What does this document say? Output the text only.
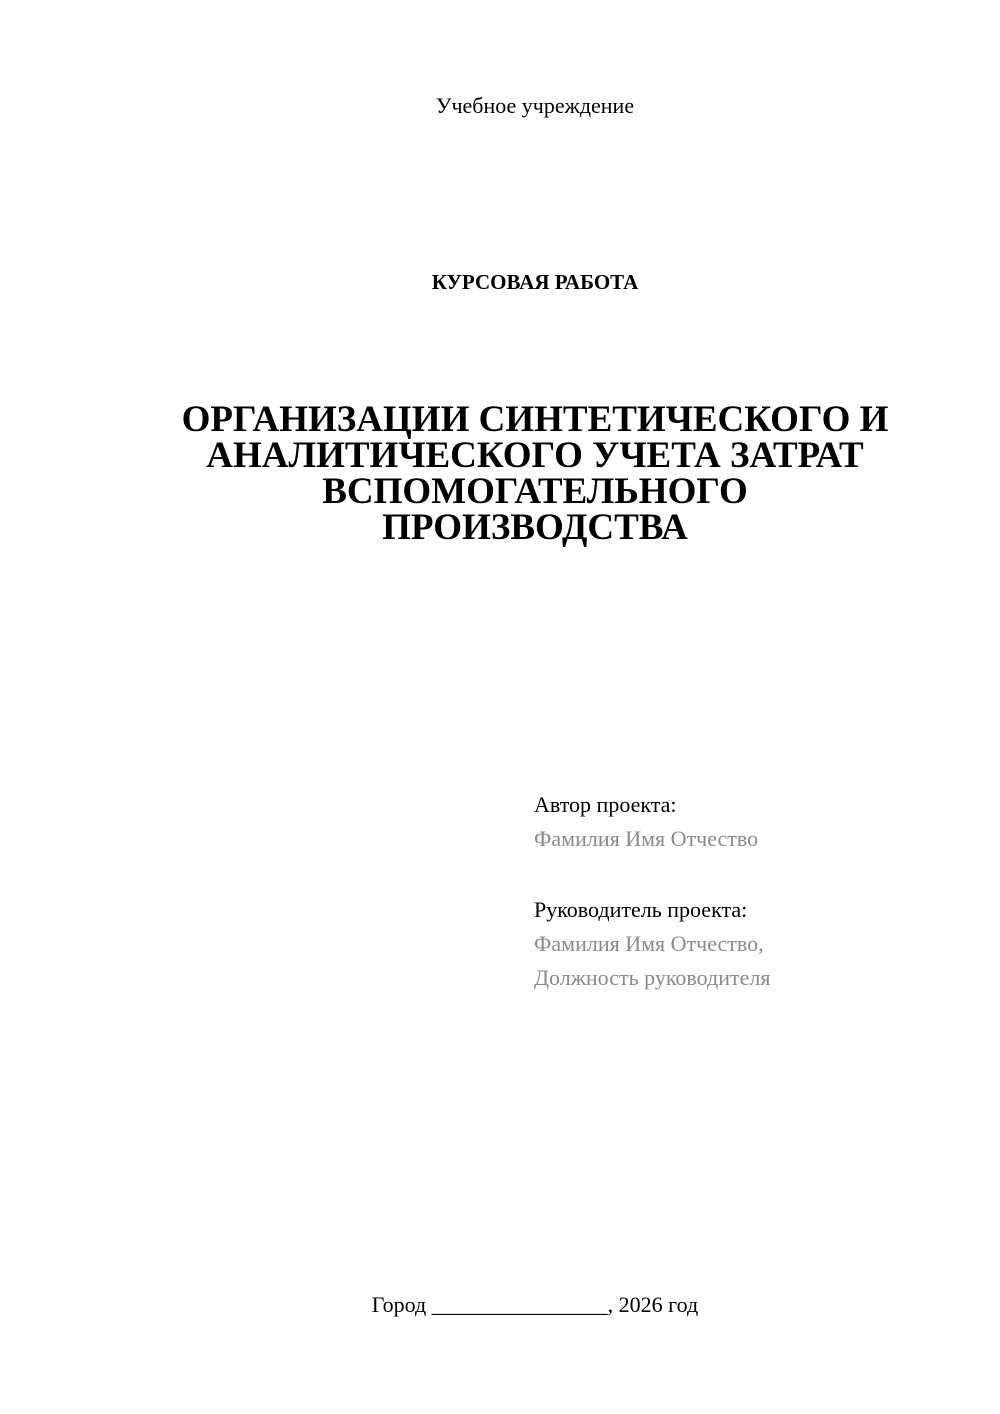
Учебное учреждение
КУРСОВАЯ РАБОТА
ОРГАНИЗАЦИИ СИНТЕТИЧЕСКОГО И
АНАЛИТИЧЕСКОГО УЧЕТА ЗАТРАТ
ВСПОМОГАТЕЛЬНОГО
ПРОИЗВОДСТВА
Автор проекта:
Фамилия Имя Отчество
Руководитель проекта:
Фамилия Имя Отчество,
Должность руководителя
Город ________________, 2026 год
